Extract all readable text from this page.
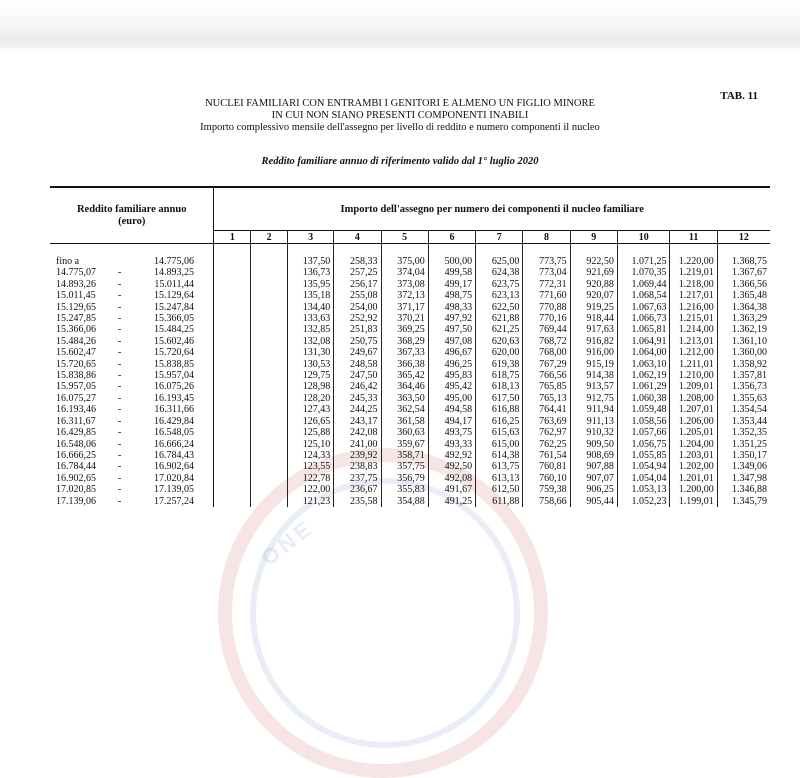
TAB. 11
NUCLEI FAMILIARI CON ENTRAMBI I GENITORI E ALMENO UN FIGLIO MINORE
IN CUI NON SIANO PRESENTI COMPONENTI INABILI
Importo complessivo mensile dell'assegno per livello di reddito e numero componenti il nucleo
Reddito familiare annuo di riferimento valido dal 1° luglio 2020
ONE
Reddito familiare annuo
(euro)	Importo dell'assegno per numero dei componenti il nucleo familiare											
	1	2	3	4	5	6	7	8	9	10	11	12

fino a 14.775,06			137,50	258,33	375,00	500,00	625,00	773,75	922,50	1.071,25	1.220,00	1.368,75
14.775,07 - 14.893,25			136,73	257,25	374,04	499,58	624,38	773,04	921,69	1.070,35	1.219,01	1.367,67
14.893,26 - 15.011,44			135,95	256,17	373,08	499,17	623,75	772,31	920,88	1.069,44	1.218,00	1.366,56
15.011,45 - 15.129,64			135,18	255,08	372,13	498,75	623,13	771,60	920,07	1.068,54	1.217,01	1.365,48
15.129,65 - 15.247,84			134,40	254,00	371,17	498,33	622,50	770,88	919,25	1.067,63	1.216,00	1.364,38
15.247,85 - 15.366,05			133,63	252,92	370,21	497,92	621,88	770,16	918,44	1.066,73	1.215,01	1.363,29
15.366,06 - 15.484,25			132,85	251,83	369,25	497,50	621,25	769,44	917,63	1.065,81	1.214,00	1.362,19
15.484,26 - 15.602,46			132,08	250,75	368,29	497,08	620,63	768,72	916,82	1.064,91	1.213,01	1.361,10
15.602,47 - 15.720,64			131,30	249,67	367,33	496,67	620,00	768,00	916,00	1.064,00	1.212,00	1.360,00
15.720,65 - 15.838,85			130,53	248,58	366,38	496,25	619,38	767,29	915,19	1.063,10	1.211,01	1.358,92
15.838,86 - 15.957,04			129,75	247,50	365,42	495,83	618,75	766,56	914,38	1.062,19	1.210,00	1.357,81
15.957,05 - 16.075,26			128,98	246,42	364,46	495,42	618,13	765,85	913,57	1.061,29	1.209,01	1.356,73
16.075,27 - 16.193,45			128,20	245,33	363,50	495,00	617,50	765,13	912,75	1.060,38	1.208,00	1.355,63
16.193,46 - 16.311,66			127,43	244,25	362,54	494,58	616,88	764,41	911,94	1.059,48	1.207,01	1.354,54
16.311,67 - 16.429,84			126,65	243,17	361,58	494,17	616,25	763,69	911,13	1.058,56	1.206,00	1.353,44
16.429,85 - 16.548,05			125,88	242,08	360,63	493,75	615,63	762,97	910,32	1.057,66	1.205,01	1.352,35
16.548,06 - 16.666,24			125,10	241,00	359,67	493,33	615,00	762,25	909,50	1.056,75	1.204,00	1.351,25
16.666,25 - 16.784,43			124,33	239,92	358,71	492,92	614,38	761,54	908,69	1.055,85	1.203,01	1.350,17
16.784,44 - 16.902,64			123,55	238,83	357,75	492,50	613,75	760,81	907,88	1.054,94	1.202,00	1.349,06
16.902,65 - 17.020,84			122,78	237,75	356,79	492,08	613,13	760,10	907,07	1.054,04	1.201,01	1.347,98
17.020,85 - 17.139,05			122,00	236,67	355,83	491,67	612,50	759,38	906,25	1.053,13	1.200,00	1.346,88
17.139,06 - 17.257,24			121,23	235,58	354,88	491,25	611,88	758,66	905,44	1.052,23	1.199,01	1.345,79
